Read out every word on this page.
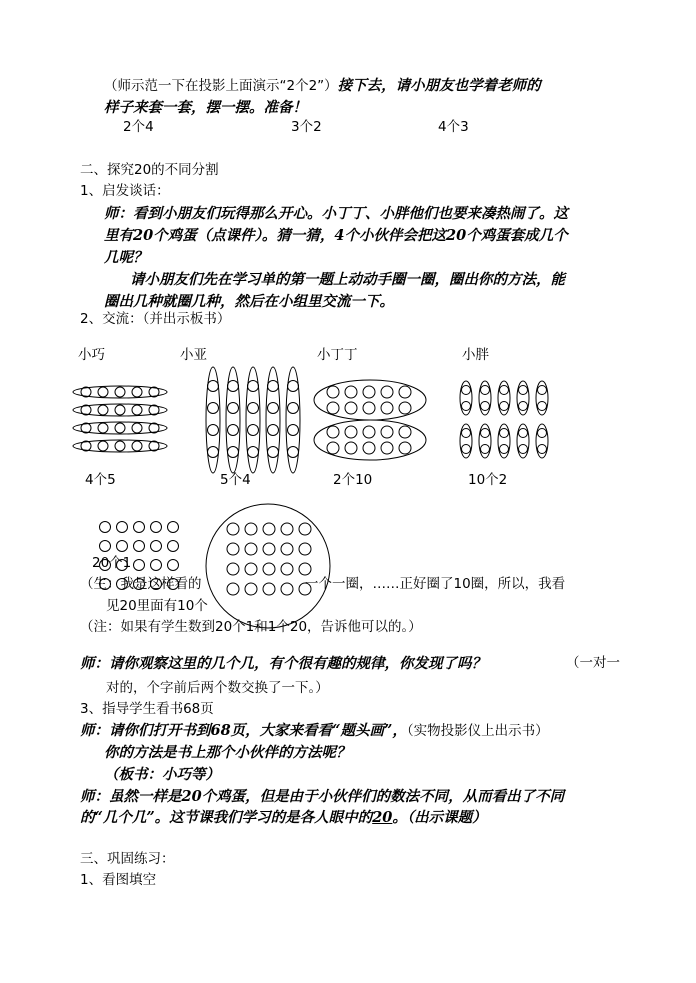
（师示范一下在投影上面演示“2个2”）接下去，请小朋友也学着老师的
样子来套一套，摆一摆。准备！
2个4	3个2	4个3
二、探究20的不同分割
1、启发谈话：
师：看到小朋友们玩得那么开心。小丁丁、小胖他们也要来凑热闹了。这
里有20个鸡蛋（点课件）。猜一猜，4个小伙伴会把这20个鸡蛋套成几个
几呢？
请小朋友们先在学习单的第一题上动动手圈一圈，圈出你的方法，能
圈出几种就圈几种，然后在小组里交流一下。
2、交流：（并出示板书）
小巧	小亚	小丁丁	小胖
4个5	5个4	2个10	10个2
20个1
（生：我是这样看的	一个一圈，……正好圈了10圈，所以，我看
见20里面有10个
（注：如果有学生数到20个1和1个20，告诉他可以的。）
师：请你观察这里的几个几，有个很有趣的规律，你发现了吗？	（一对一
对的，个字前后两个数交换了一下。）
3、指导学生看书68页
师：请你们打开书到68页，大家来看看“题头画”，（实物投影仪上出示书）
你的方法是书上那个小伙伴的方法呢？
（板书：小巧等）
师：虽然一样是20个鸡蛋，但是由于小伙伴们的数法不同，从而看出了不同
的“几个几”。这节课我们学习的是各人眼中的20。（出示课题）
三、巩固练习：
1、看图填空
